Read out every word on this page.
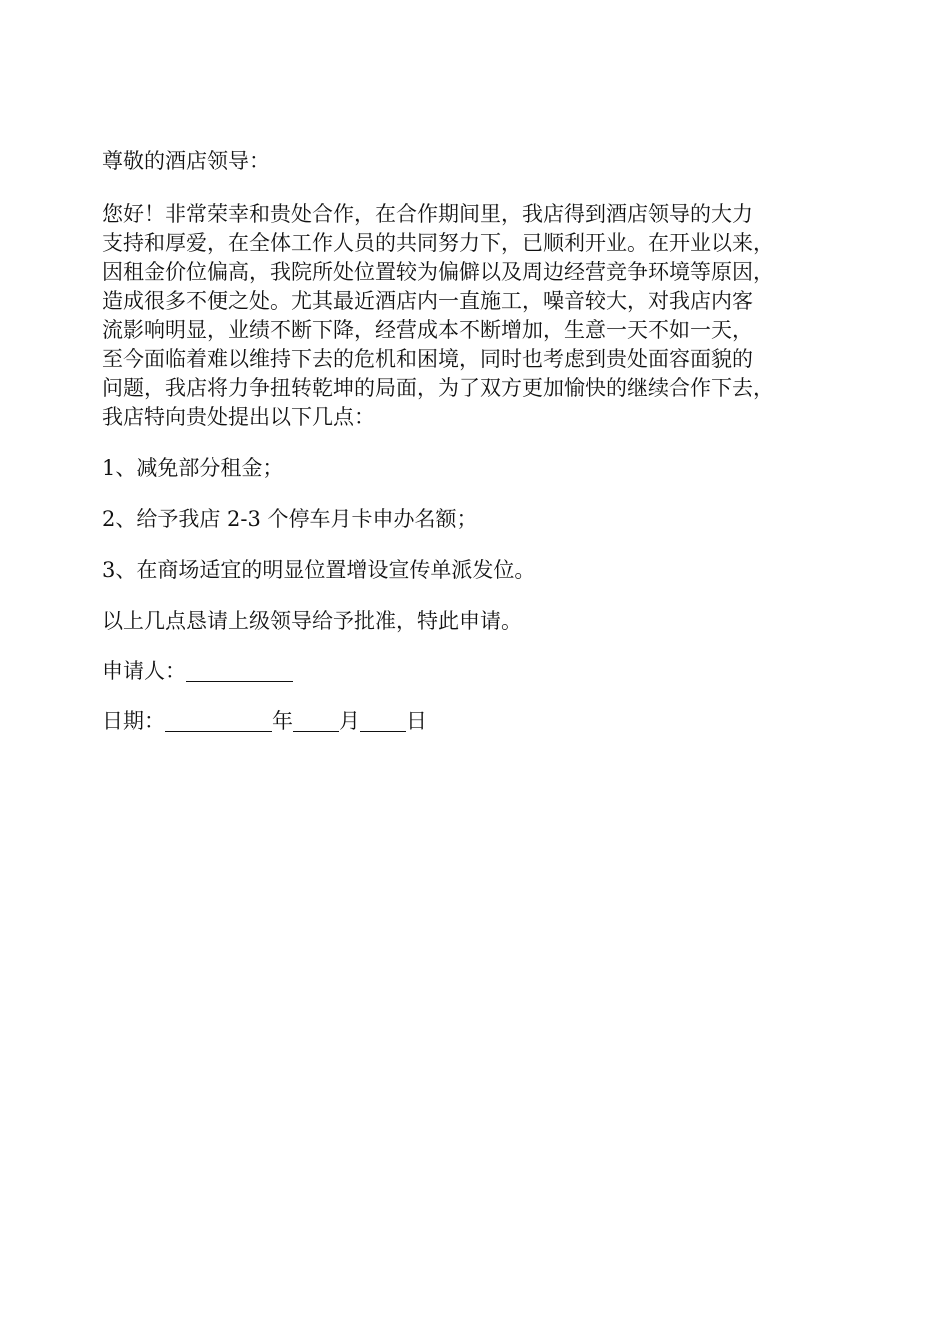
尊敬的酒店领导：

您好！非常荣幸和贵处合作，在合作期间里，我店得到酒店领导的大力
支持和厚爱，在全体工作人员的共同努力下，已顺利开业。在开业以来，
因租金价位偏高，我院所处位置较为偏僻以及周边经营竞争环境等原因，
造成很多不便之处。尤其最近酒店内一直施工，噪音较大，对我店内客
流影响明显，业绩不断下降，经营成本不断增加，生意一天不如一天，
至今面临着难以维持下去的危机和困境，同时也考虑到贵处面容面貌的
问题，我店将力争扭转乾坤的局面，为了双方更加愉快的继续合作下去，
我店特向贵处提出以下几点：

1、减免部分租金；

2、给予我店 2-3 个停车月卡申办名额；

3、在商场适宜的明显位置增设宣传单派发位。

以上几点恳请上级领导给予批准，特此申请。

申请人：

日期：	年 月 日
